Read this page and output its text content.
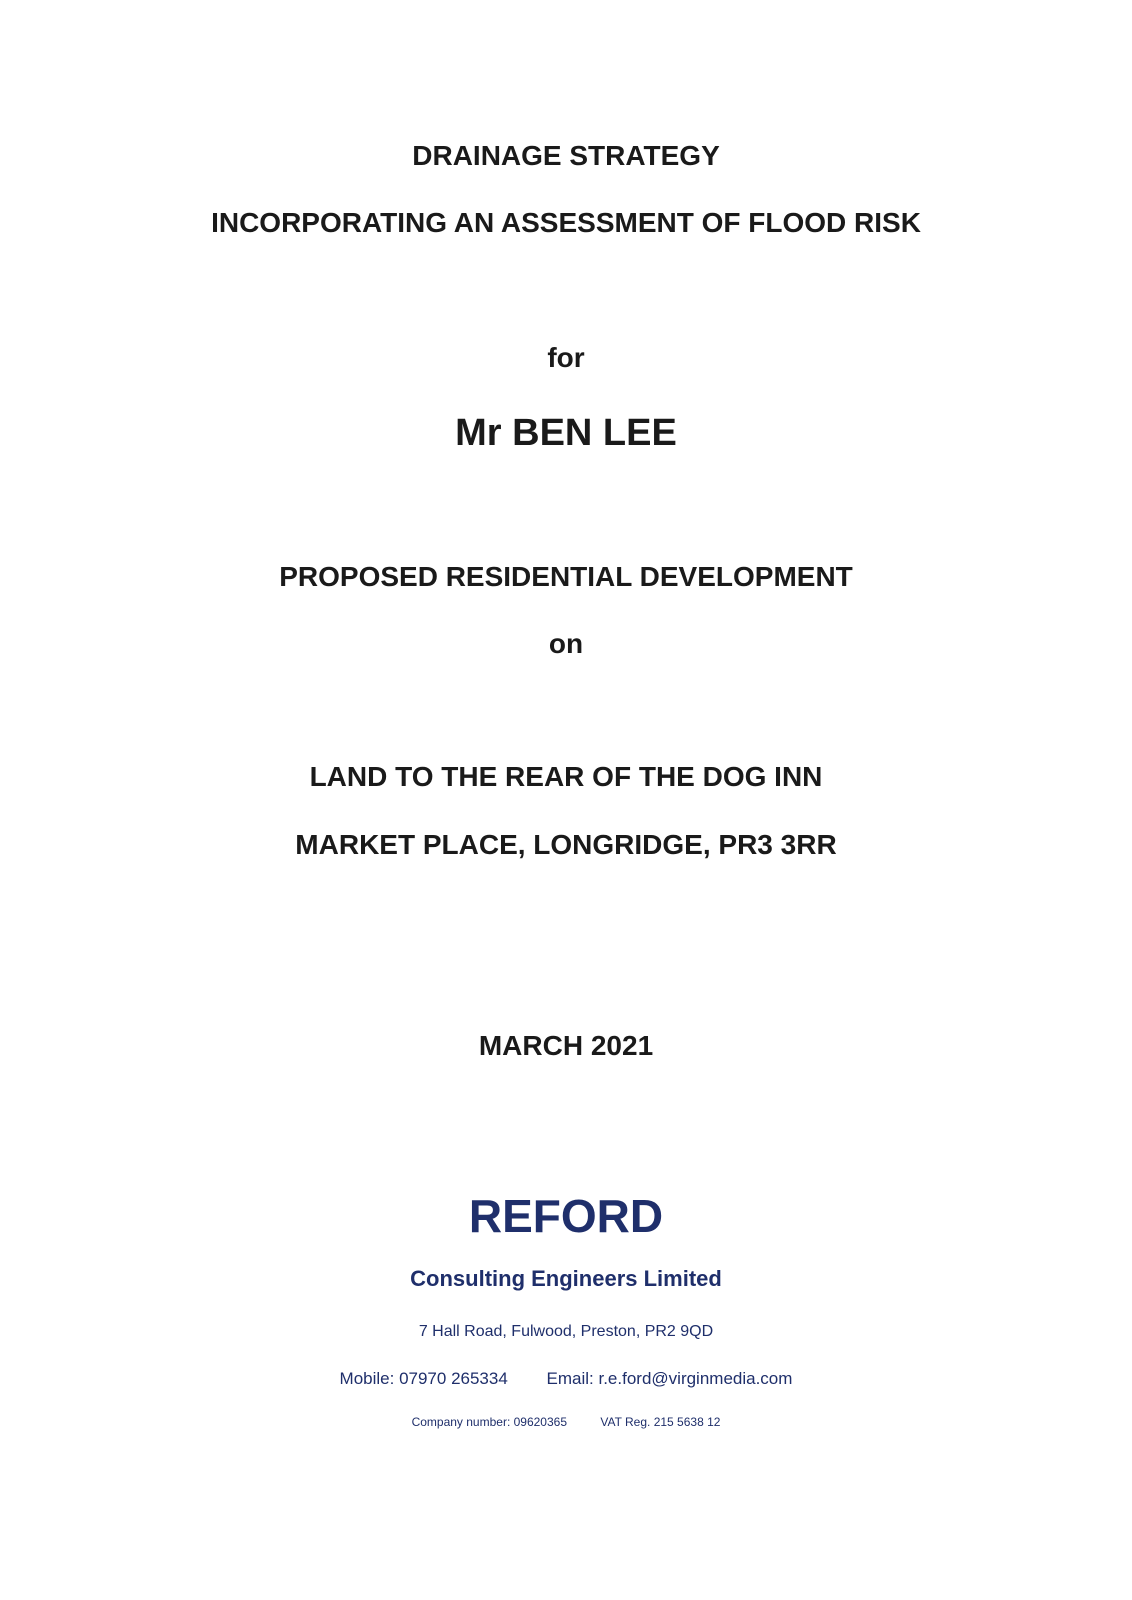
DRAINAGE STRATEGY
INCORPORATING AN ASSESSMENT OF FLOOD RISK
for
Mr BEN LEE
PROPOSED RESIDENTIAL DEVELOPMENT
on
LAND TO THE REAR OF THE DOG INN
MARKET PLACE, LONGRIDGE, PR3 3RR
MARCH 2021
REFORD
Consulting Engineers Limited
7 Hall Road, Fulwood, Preston, PR2 9QD
Mobile: 07970 265334 Email: r.e.ford@virginmedia.com
Company number: 09620365	VAT Reg. 215 5638 12
